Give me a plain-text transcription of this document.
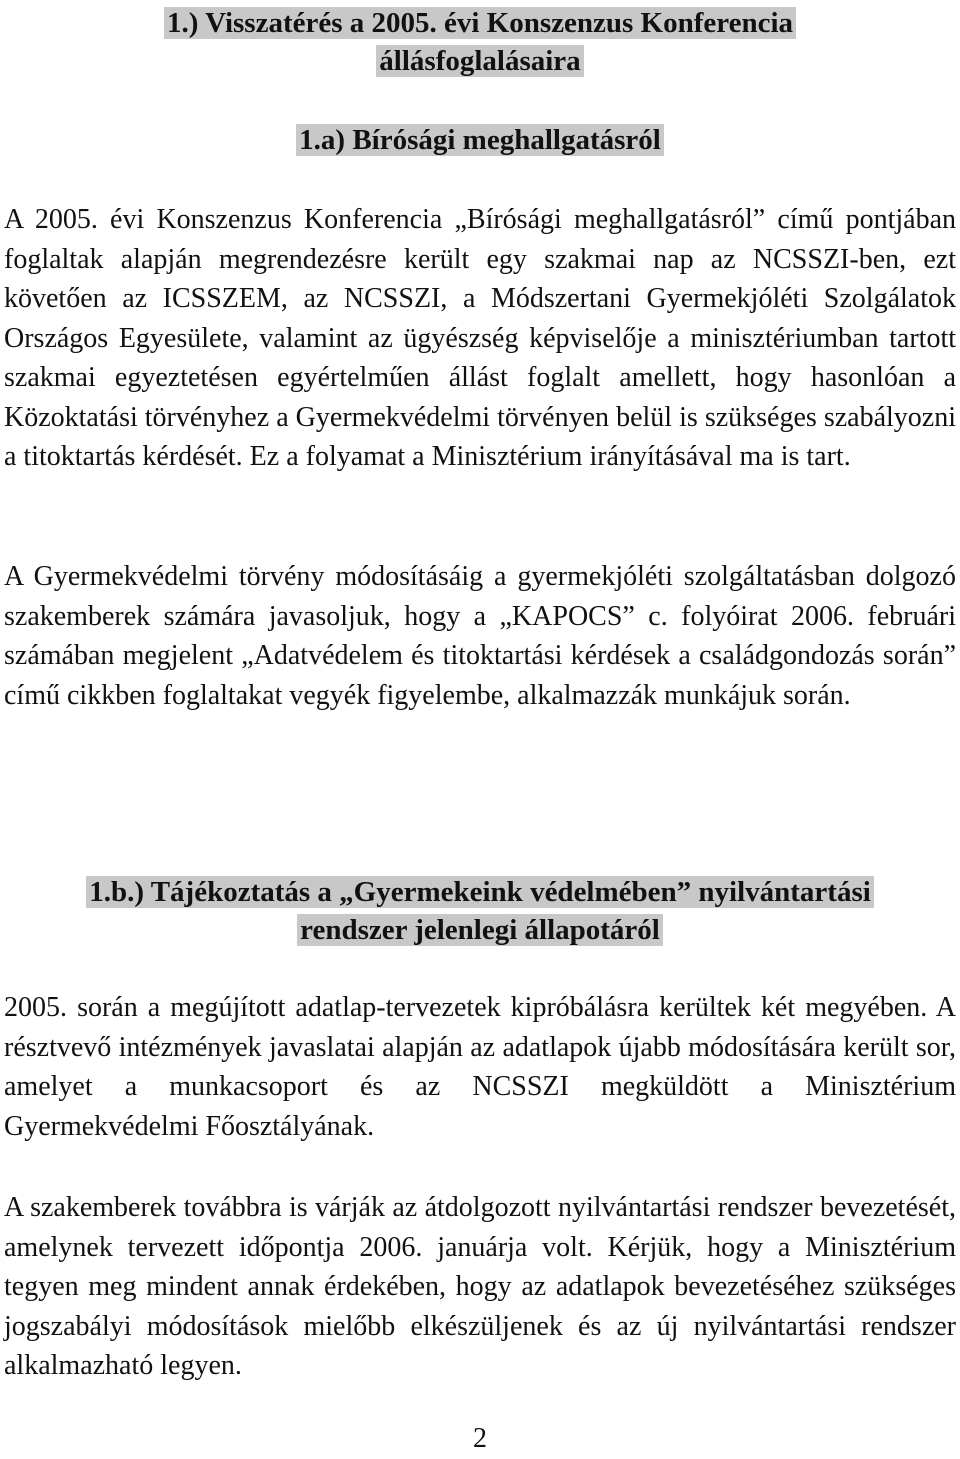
1.) Visszatérés a 2005. évi Konszenzus Konferencia
állásfoglalásaira

1.a) Bírósági meghallgatásról

A 2005. évi Konszenzus Konferencia „Bírósági meghallgatásról” című pontjában foglaltak alapján megrendezésre került egy szakmai nap az NCSSZI-ben, ezt követően az ICSSZEM, az NCSSZI, a Módszertani Gyermekjóléti Szolgálatok Országos Egyesülete, valamint az ügyészség képviselője a minisztériumban tartott szakmai egyeztetésen egyértelműen állást foglalt amellett, hogy hasonlóan a Közoktatási törvényhez a Gyermekvédelmi törvényen belül is szükséges szabályozni a titoktartás kérdését. Ez a folyamat a Minisztérium irányításával ma is tart.

A Gyermekvédelmi törvény módosításáig a gyermekjóléti szolgáltatásban dolgozó szakemberek számára javasoljuk, hogy a „KAPOCS” c. folyóirat 2006. februári számában megjelent „Adatvédelem és titoktartási kérdések a családgondozás során” című cikkben foglaltakat vegyék figyelembe, alkalmazzák munkájuk során.

1.b.) Tájékoztatás a „Gyermekeink védelmében” nyilvántartási
rendszer jelenlegi állapotáról

2005. során a megújított adatlap-tervezetek kipróbálásra kerültek két megyében. A résztvevő intézmények javaslatai alapján az adatlapok újabb módosítására került sor, amelyet a munkacsoport és az NCSSZI megküldött a Minisztérium Gyermekvédelmi Főosztályának.

A szakemberek továbbra is várják az átdolgozott nyilvántartási rendszer bevezetését, amelynek tervezett időpontja 2006. januárja volt. Kérjük, hogy a Minisztérium tegyen meg mindent annak érdekében, hogy az adatlapok bevezetéséhez szükséges jogszabályi módosítások mielőbb elkészüljenek és az új nyilvántartási rendszer alkalmazható legyen.

2
